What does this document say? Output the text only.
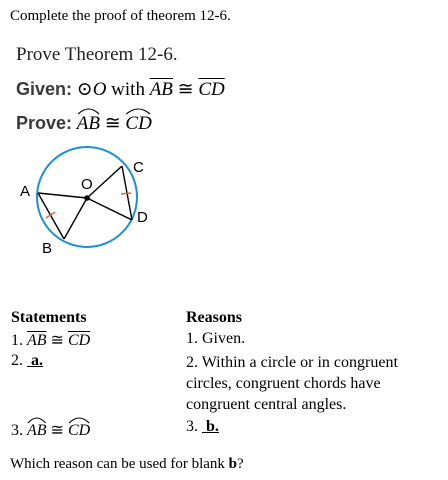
Complete the proof of theorem 12-6.
Prove Theorem 12-6.
Given: ⊙O with $\overline{AB}$ ≅ $\overline{CD}$
Prove: AB ≅ CD
A
B
C
D
O
Statements	Reasons
1. $\overline{AB}$ ≅ $\overline{CD}$	1. Given.
2. a.	2. Within a circle or in congruent circles, congruent chords have congruent central angles.
3. AB ≅ CD	3. b.
Which reason can be used for blank b?
